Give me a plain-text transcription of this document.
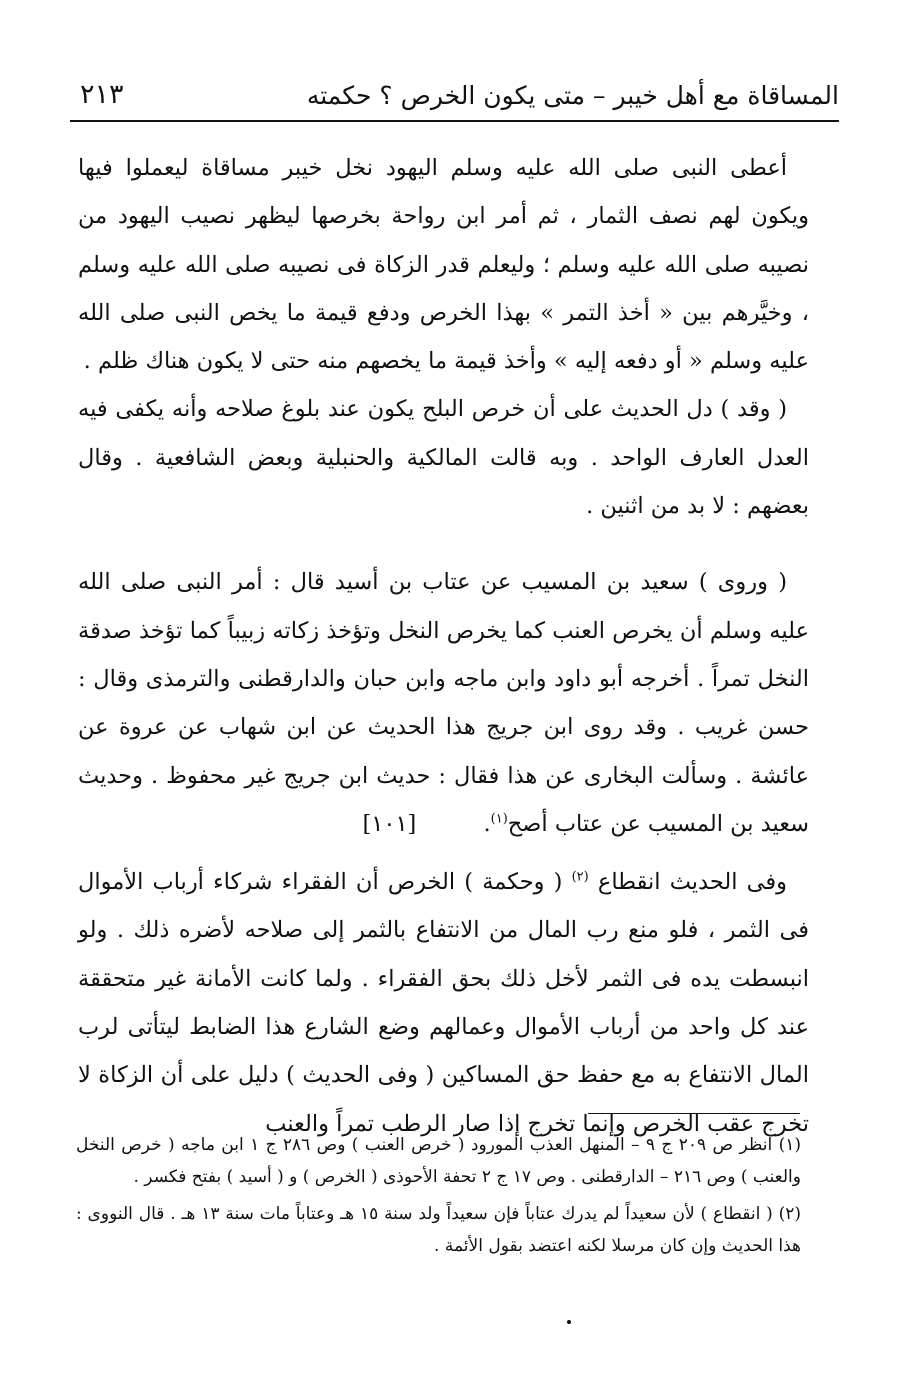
المساقاة مع أهل خيبر – متى يكون الخرص ؟ حكمته
٢١٣

أعطى النبى صلى الله عليه وسلم اليهود نخل خيبر مساقاة ليعملوا فيها ويكون لهم نصف الثمار ، ثم أمر ابن رواحة بخرصها ليظهر نصيب اليهود من نصيبه صلى الله عليه وسلم ؛ وليعلم قدر الزكاة فى نصيبه صلى الله عليه وسلم ، وخيَّرهم بين « أخذ التمر » بهذا الخرص ودفع قيمة ما يخص النبى صلى الله عليه وسلم « أو دفعه إليه » وأخذ قيمة ما يخصهم منه حتى لا يكون هناك ظلم .

( وقد ) دل الحديث على أن خرص البلح يكون عند بلوغ صلاحه وأنه يكفى فيه العدل العارف الواحد . وبه قالت المالكية والحنبلية وبعض الشافعية . وقال بعضهم : لا بد من اثنين .

( وروى ) سعيد بن المسيب عن عتاب بن أسيد قال : أمر النبى صلى الله عليه وسلم أن يخرص العنب كما يخرص النخل وتؤخذ زكاته زبيباً كما تؤخذ صدقة النخل تمراً . أخرجه أبو داود وابن ماجه وابن حبان والدارقطنى والترمذى وقال : حسن غريب . وقد روى ابن جريج هذا الحديث عن ابن شهاب عن عروة عن عائشة . وسألت البخارى عن هذا فقال : حديث ابن جريج غير محفوظ . وحديث سعيد بن المسيب عن عتاب أصح$^{(١)}$. [١٠١]

وفى الحديث انقطاع $^{(٢)}$ ( وحكمة ) الخرص أن الفقراء شركاء أرباب الأموال فى الثمر ، فلو منع رب المال من الانتفاع بالثمر إلى صلاحه لأضره ذلك . ولو انبسطت يده فى الثمر لأخل ذلك بحق الفقراء . ولما كانت الأمانة غير متحققة عند كل واحد من أرباب الأموال وعمالهم وضع الشارع هذا الضابط ليتأتى لرب المال الانتفاع به مع حفظ حق المساكين ( وفى الحديث ) دليل على أن الزكاة لا تخرج عقب الخرص وإنما تخرج إذا صار الرطب تمراً والعنب

(١) انظر ص ٢٠٩ ج ٩ – المنهل العذب المورود ( خرص العنب ) وص ٢٨٦ ج ١ ابن ماجه ( خرص النخل والعنب ) وص ٢١٦ – الدارقطنى . وص ١٧ ج ٢ تحفة الأحوذى ( الخرص ) و ( أسيد ) بفتح فكسر .

(٢) ( انقطاع ) لأن سعيداً لم يدرك عتاباً فإن سعيداً ولد سنة ١٥ هـ وعتاباً مات سنة ١٣ هـ . قال النووى : هذا الحديث وإن كان مرسلا لكنه اعتضد بقول الأئمة .
